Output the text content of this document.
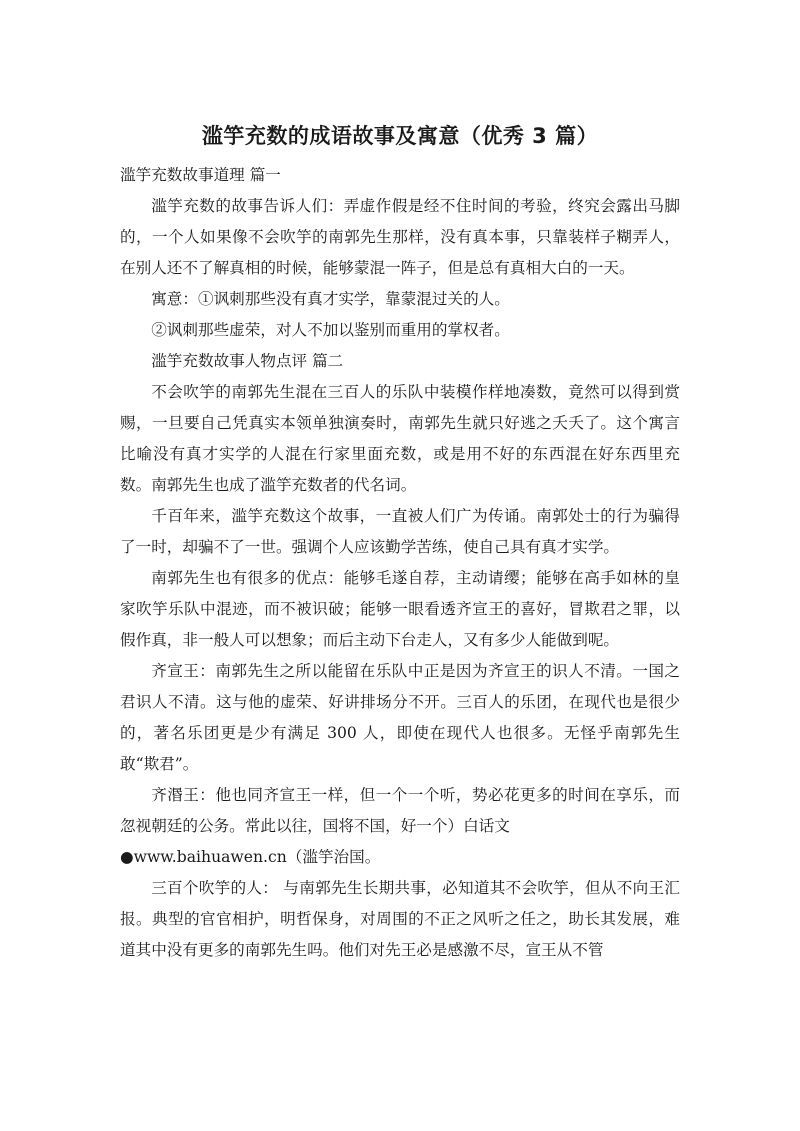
滥竽充数的成语故事及寓意（优秀 3 篇）

滥竽充数故事道理 篇一

滥竽充数的故事告诉人们：弄虚作假是经不住时间的考验，终究会露出马脚的，一个人如果像不会吹竽的南郭先生那样，没有真本事，只靠装样子糊弄人，在别人还不了解真相的时候，能够蒙混一阵子，但是总有真相大白的一天。

寓意：①讽刺那些没有真才实学，靠蒙混过关的人。

②讽刺那些虚荣，对人不加以鉴别而重用的掌权者。

滥竽充数故事人物点评 篇二

不会吹竽的南郭先生混在三百人的乐队中装模作样地凑数，竟然可以得到赏赐，一旦要自己凭真实本领单独演奏时，南郭先生就只好逃之夭夭了。这个寓言比喻没有真才实学的人混在行家里面充数，或是用不好的东西混在好东西里充数。南郭先生也成了滥竽充数者的代名词。

千百年来，滥竽充数这个故事，一直被人们广为传诵。南郭处士的行为骗得了一时，却骗不了一世。强调个人应该勤学苦练，使自己具有真才实学。

南郭先生也有很多的优点：能够毛遂自荐，主动请缨；能够在高手如林的皇家吹竽乐队中混迹，而不被识破；能够一眼看透齐宣王的喜好，冒欺君之罪，以假作真，非一般人可以想象；而后主动下台走人，又有多少人能做到呢。

齐宣王：南郭先生之所以能留在乐队中正是因为齐宣王的识人不清。一国之君识人不清。这与他的虚荣、好讲排场分不开。三百人的乐团，在现代也是很少的，著名乐团更是少有满足 300 人，即使在现代人也很多。无怪乎南郭先生敢“欺君”。

齐湣王：他也同齐宣王一样，但一个一个听，势必花更多的时间在享乐，而忽视朝廷的公务。常此以往，国将不国，好一个）白话文

●www.baihuawen.cn（滥竽治国。

三百个吹竽的人： 与南郭先生长期共事，必知道其不会吹竽，但从不向王汇报。典型的官官相护，明哲保身，对周围的不正之风听之任之，助长其发展，难道其中没有更多的南郭先生吗。他们对先王必是感激不尽，宣王从不管
